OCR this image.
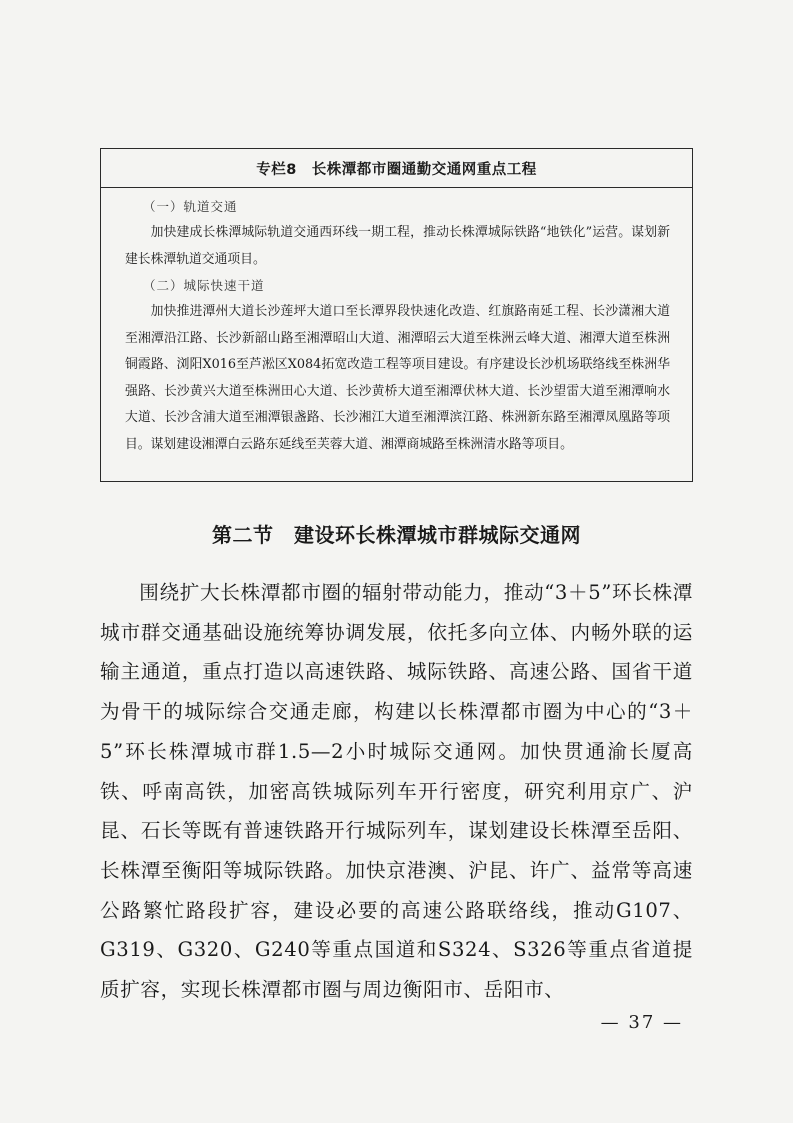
专栏8　长株潭都市圈通勤交通网重点工程
（一）轨道交通

加快建成长株潭城际轨道交通西环线一期工程，推动长株潭城际铁路“地铁化”运营。谋划新建长株潭轨道交通项目。

（二）城际快速干道

加快推进潭州大道长沙莲坪大道口至长潭界段快速化改造、红旗路南延工程、长沙潇湘大道至湘潭沿江路、长沙新韶山路至湘潭昭山大道、湘潭昭云大道至株洲云峰大道、湘潭大道至株洲铜霞路、浏阳X016至芦淞区X084拓宽改造工程等项目建设。有序建设长沙机场联络线至株洲华强路、长沙黄兴大道至株洲田心大道、长沙黄桥大道至湘潭伏林大道、长沙望雷大道至湘潭响水大道、长沙含浦大道至湘潭银盏路、长沙湘江大道至湘潭滨江路、株洲新东路至湘潭凤凰路等项目。谋划建设湘潭白云路东延线至芙蓉大道、湘潭商城路至株洲清水路等项目。

第二节　建设环长株潭城市群城际交通网

围绕扩大长株潭都市圈的辐射带动能力，推动“3＋5”环长株潭城市群交通基础设施统筹协调发展，依托多向立体、内畅外联的运输主通道，重点打造以高速铁路、城际铁路、高速公路、国省干道为骨干的城际综合交通走廊，构建以长株潭都市圈为中心的“3＋5”环长株潭城市群1.5—2小时城际交通网。加快贯通渝长厦高铁、呼南高铁，加密高铁城际列车开行密度，研究利用京广、沪昆、石长等既有普速铁路开行城际列车，谋划建设长株潭至岳阳、长株潭至衡阳等城际铁路。加快京港澳、沪昆、许广、益常等高速公路繁忙路段扩容，建设必要的高速公路联络线，推动G107、G319、G320、G240等重点国道和S324、S326等重点省道提质扩容，实现长株潭都市圈与周边衡阳市、岳阳市、

— 37 —
